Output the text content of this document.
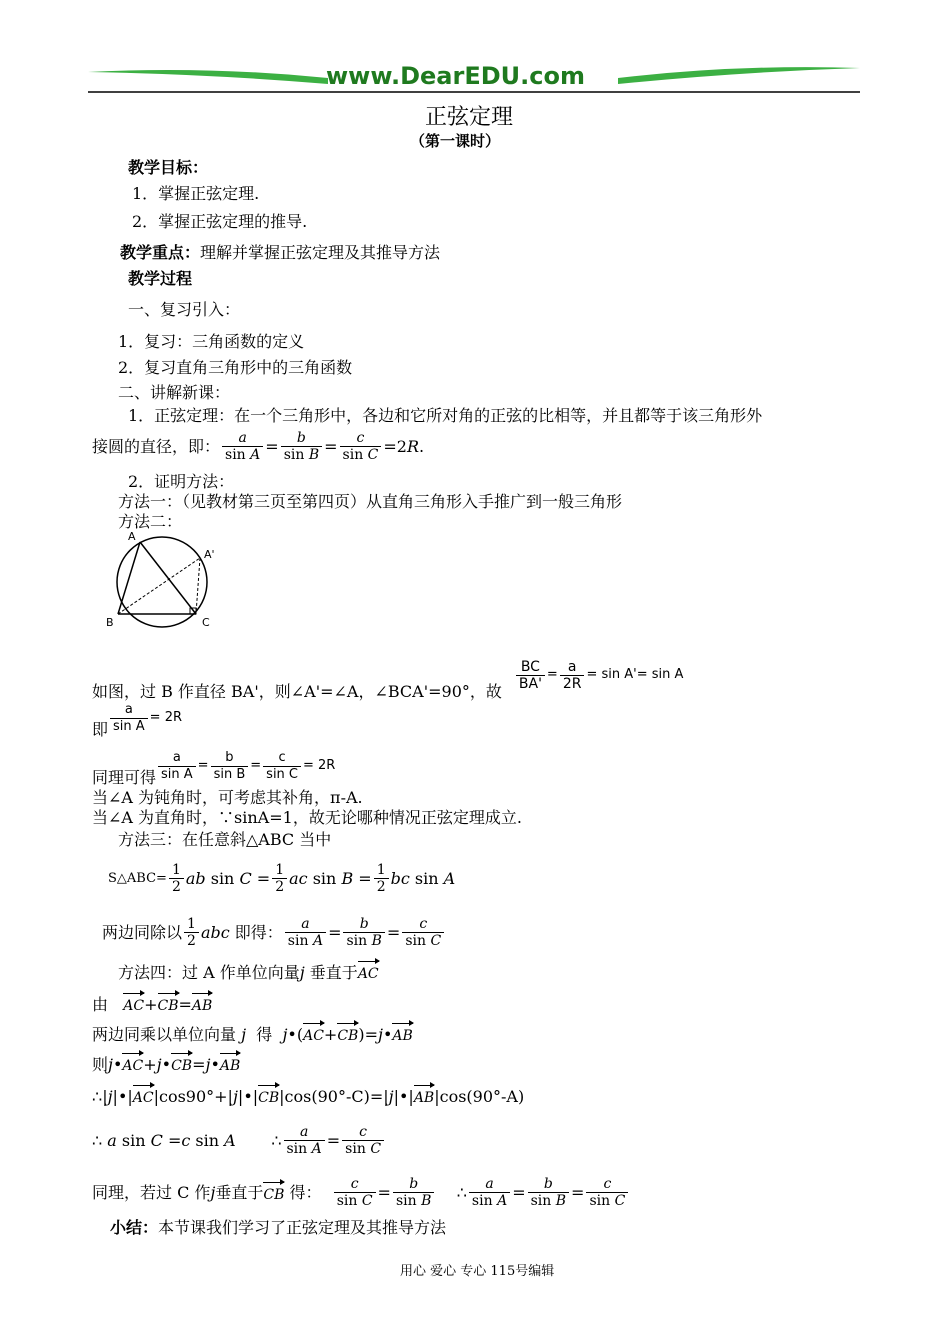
www.DearEDU.com
正弦定理
（第一课时）
教学目标：
1．掌握正弦定理.
2．掌握正弦定理的推导.
教学重点：理解并掌握正弦定理及其推导方法
教学过程
一、复习引入：
1．复习：三角函数的定义
2．复习直角三角形中的三角函数
二、讲解新课：
1．正弦定理：在一个三角形中，各边和它所对角的正弦的比相等，并且都等于该三角形外
接圆的直径，即： $\frac{a}{\text{sin A}} = \frac{b}{\text{sin B}} = \frac{c}{\text{sin C}} =2$ R .
2．证明方法：
方法一：（见教材第三页至第四页）从直角三角形入手推广到一般三角形
方法二：
A
A'
B	C
如图，过 B 作直径 BA'，则∠A'=∠A，∠BCA'=90°，故 $\frac{BC}{BA'} = \frac{a}{2R} = \sin A'= \sin A$
即 $\frac{a}{\text{sin A}} = 2R$
同理可得 $\frac{a}{\text{sin A}} = \frac{b}{\text{sin B}} = \frac{c}{\text{sin C}} = 2R$
当∠A 为钝角时，可考虑其补角，π-A.
当∠A 为直角时，∵sinA=1，故无论哪种情况正弦定理成立.
方法三：在任意斜△ABC 当中
S△ABC= $\frac{1}{2}$ ab $\sin C = \frac{1}{2}$ ac $\sin B = \frac{1}{2}$ bc sin A
两边同除以 $\frac{1}{2}$ abc
即得： $\frac{a}{\text{sin A}} = \frac{b}{\text{sin B}} = \frac{c}{\text{sin C}}$
方法四：过 A 作单位向量j 垂直于AC
由 AC+CB=AB
两边同乘以单位向量 j 得 j•(AC+CB)=j•AB
则j•AC+j•CB=j•AB
∴|j|•|AC|cos90°+|j|•|CB|cos(90°-C)=|j|•|AB|cos(90°-A)
∴ a sin C = c sin A ∴ $\frac{a}{\text{sin A}} = \frac{c}{\text{sin C}}$
同理，若过 C 作 j 垂直于 CB
得：
$\frac{c}{\text{sin C}} = \frac{b}{\text{sin B}}$ ∴ $\frac{a}{\text{sin A}} = \frac{b}{\text{sin B}} = \frac{c}{\text{sin C}}$
小结：本节课我们学习了正弦定理及其推导方法
用心 爱心 专心 115号编辑
